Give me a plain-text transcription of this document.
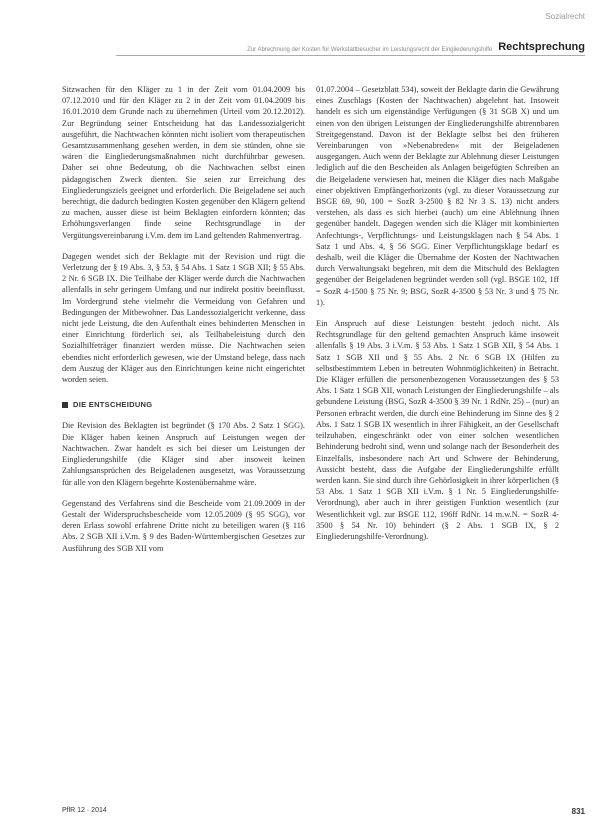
Sozialrecht
Zur Abrechnung der Kosten für Werkstattbesucher im Leistungsrecht der Eingliederungshilfe Rechtsprechung

Sitzwachen für den Kläger zu 1 in der Zeit vom 01.04.2009 bis 07.12.2010 und für den Kläger zu 2 in der Zeit vom 01.04.2009 bis 16.01.2010 dem Grunde nach zu übernehmen (Urteil vom 20.12.2012). Zur Begründung seiner Entscheidung hat das Landessozialgericht ausgeführt, die Nachtwachen könnten nicht isoliert vom therapeutischen Gesamtzusammenhang gesehen werden, in dem sie stünden, ohne sie wären die Eingliederungsmaßnahmen nicht durchführbar gewesen. Daher sei ohne Bedeutung, ob die Nachtwachen selbst einen pädagogischen Zweck dienten. Sie seien zur Erreichung des Eingliederungsziels geeignet und erforderlich. Die Beigeladene sei auch berechtigt, die dadurch bedingten Kosten gegenüber den Klägern geltend zu machen, ausser diese ist beim Beklagten einfordern könnten; das Erhöhungsverlangen finde seine Rechtsgrundlage in der Vergütungsvereinbarung i.V.m. dem im Land geltenden Rahmenvertrag.

Dagegen wendet sich der Beklagte mit der Revision und rügt die Verletzung der § 19 Abs. 3, § 53, § 54 Abs. 1 Satz 1 SGB XII; § 55 Abs. 2 Nr. 6 SGB IX. Die Teilhabe der Kläger werde durch die Nachtwachen allenfalls in sehr geringem Umfang und nur indirekt positiv beeinflusst. Im Vordergrund stehe vielmehr die Vermeidung von Gefahren und Bedingungen der Mitbewohner. Das Landessozialgericht verkenne, dass nicht jede Leistung, die den Aufenthalt eines behinderten Menschen in einer Einrichtung förderlich sei, als Teilhabeleistung durch den Sozialhilfeträger finanziert werden müsse. Die Nachtwachen seien ebendies nicht erforderlich gewesen, wie der Umstand belege, dass nach dem Auszug der Kläger aus den Einrichtungen keine nicht eingerichtet worden seien.

DIE ENTSCHEIDUNG

Die Revision des Beklagten ist begründet (§ 170 Abs. 2 Satz 1 SGG). Die Kläger haben keinen Anspruch auf Leistungen wegen der Nachtwachen. Zwar handelt es sich bei dieser um Leistungen der Eingliederungshilfe (die Kläger sind aber insoweit keinen Zahlungsansprüchen des Beigeladenen ausgesetzt, was Voraussetzung für alle von den Klägern begehrte Kostenübernahme wäre.

Gegenstand des Verfahrens sind die Bescheide vom 21.09.2009 in der Gestalt der Widerspruchsbescheide vom 12.05.2009 (§ 95 SGG), vor deren Erlass sowohl erfahrene Dritte nicht zu beteiligen waren (§ 116 Abs. 2 SGB XII i.V.m. § 9 des Baden-Württembergischen Gesetzes zur Ausführung des SGB XII vom

01.07.2004 – Gesetzblatt 534), soweit der Beklagte darin die Gewährung eines Zuschlags (Kosten der Nachtwachen) abgelehnt hat. Insoweit handelt es sich um eigenständige Verfügungen (§ 31 SGB X) und um einen von den übrigen Leistungen der Eingliederungshilfe abtrennbaren Streitgegenstand. Davon ist der Beklagte selbst bei den früheren Vereinbarungen von »Nebenabreden« mit der Beigeladenen ausgegangen. Auch wenn der Beklagte zur Ablehnung dieser Leistungen lediglich auf die den Bescheiden als Anlagen beigefügten Schreiben an die Beigeladene verwiesen hat, meinen die Kläger dies nach Maßgabe einer objektiven Empfängerhorizonts (vgl. zu dieser Voraussetzung zur BSGE 69, 90, 100 = SozR 3-2500 § 82 Nr 3 S. 13) nicht anders verstehen, als dass es sich hierbei (auch) um eine Ablehnung ihnen gegenüber handelt. Dagegen wenden sich die Kläger mit kombinierten Anfechtungs-, Verpflichtungs- und Leistungsklagen nach § 54 Abs. 1 Satz 1 und Abs. 4, § 56 SGG. Einer Verpflichtungsklage bedarf es deshalb, weil die Kläger die Übernahme der Kosten der Nachtwachen durch Verwaltungsakt begehren, mit dem die Mitschuld des Beklagten gegenüber der Beigeladenen begründet werden soll (vgl. BSGE 102, 1ff = SozR 4-1500 § 75 Nr. 9; BSG, SozR 4-3500 § 53 Nr. 3 und § 75 Nr. 1).

Ein Anspruch auf diese Leistungen besteht jedoch nicht. Als Rechtsgrundlage für den geltend gemachten Anspruch käme insoweit allenfalls § 19 Abs. 3 i.V.m. § 53 Abs. 1 Satz 1 SGB XII, § 54 Abs. 1 Satz 1 SGB XII und § 55 Abs. 2 Nr. 6 SGB IX (Hilfen zu selbstbestimmtem Leben in betreuten Wohnmöglichkeiten) in Betracht. Die Kläger erfüllen die personenbezogenen Voraussetzungen des § 53 Abs. 1 Satz 1 SGB XII, wonach Leistungen der Eingliederungshilfe – als gebundene Leistung (BSG, SozR 4-3500 § 39 Nr. 1 RdNr. 25) – (nur) an Personen erbracht werden, die durch eine Behinderung im Sinne des § 2 Abs. 1 Satz 1 SGB IX wesentlich in ihrer Fähigkeit, an der Gesellschaft teilzuhaben, eingeschränkt oder von einer solchen wesentlichen Behinderung bedroht sind, wenn und solange nach der Besonderheit des Einzelfalls, insbesondere nach Art und Schwere der Behinderung, Aussicht besteht, dass die Aufgabe der Eingliederungshilfe erfüllt werden kann. Sie sind durch ihre Gehörlosigkeit in ihrer körperlichen (§ 53 Abs. 1 Satz 1 SGB XII i.V.m. § 1 Nr. 5 Eingliederungshilfe-Verordnung), aber auch in ihrer geistigen Funktion wesentlich (zur Wesentlichkeit vgl. zur BSGE 112, 196ff RdNr. 14 m.w.N. = SozR 4-3500 § 54 Nr. 10) behindert (§ 2 Abs. 1 SGB IX, § 2 Eingliederungshilfe-Verordnung).

PflR 12 · 2014	831
